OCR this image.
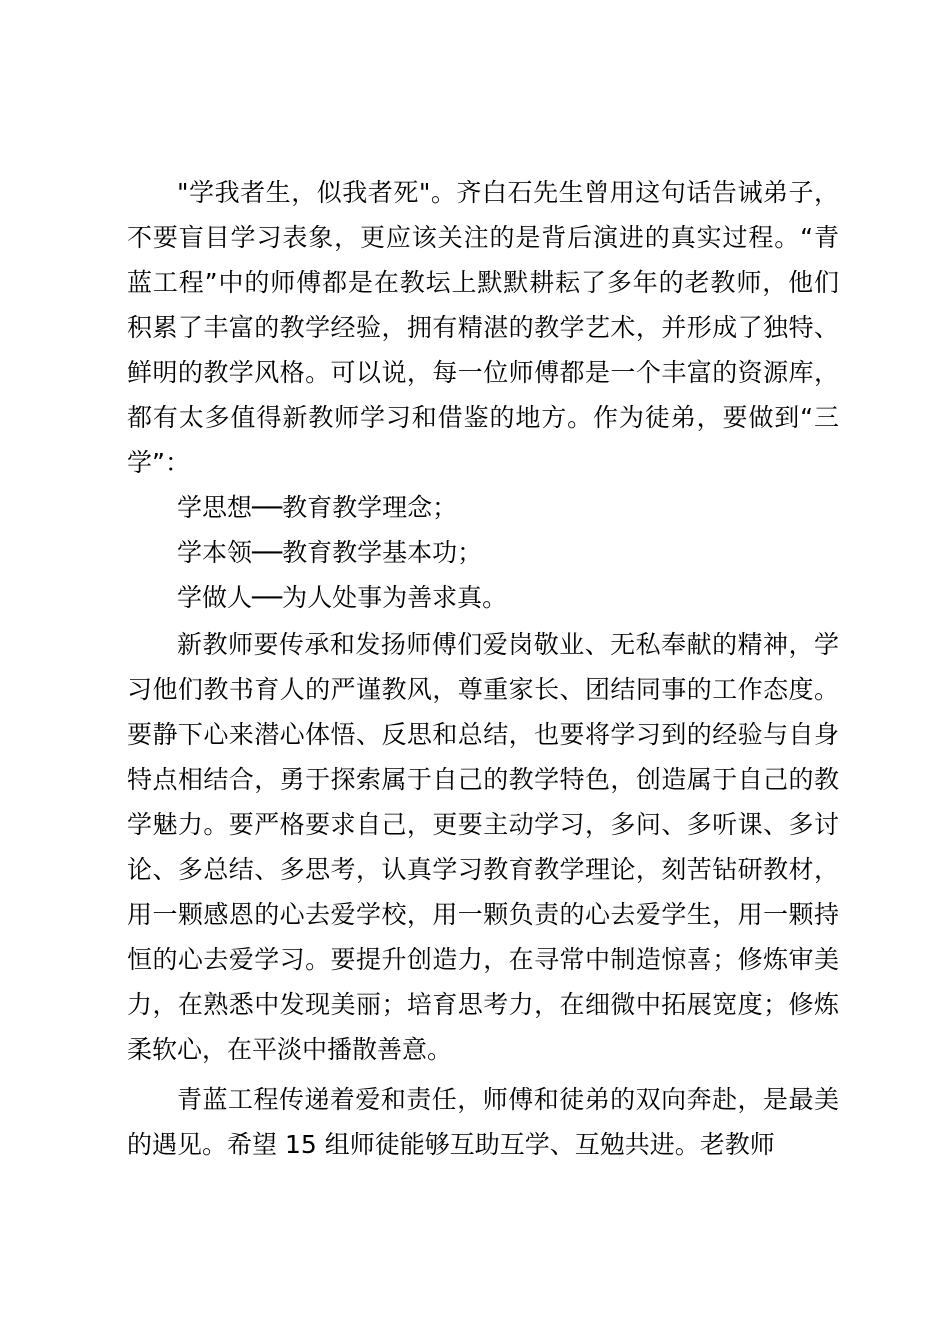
"学我者生，似我者死"。齐白石先生曾用这句话告诫弟子，不要盲目学习表象，更应该关注的是背后演进的真实过程。“青蓝工程”中的师傅都是在教坛上默默耕耘了多年的老教师，他们积累了丰富的教学经验，拥有精湛的教学艺术，并形成了独特、鲜明的教学风格。可以说，每一位师傅都是一个丰富的资源库，都有太多值得新教师学习和借鉴的地方。作为徒弟，要做到“三学”：

学思想──教育教学理念；

学本领──教育教学基本功；

学做人──为人处事为善求真。

新教师要传承和发扬师傅们爱岗敬业、无私奉献的精神，学习他们教书育人的严谨教风，尊重家长、团结同事的工作态度。要静下心来潜心体悟、反思和总结，也要将学习到的经验与自身特点相结合，勇于探索属于自己的教学特色，创造属于自己的教学魅力。要严格要求自己，更要主动学习，多问、多听课、多讨论、多总结、多思考，认真学习教育教学理论，刻苦钻研教材，用一颗感恩的心去爱学校，用一颗负责的心去爱学生，用一颗持恒的心去爱学习。要提升创造力，在寻常中制造惊喜；修炼审美力，在熟悉中发现美丽；培育思考力，在细微中拓展宽度；修炼柔软心，在平淡中播散善意。

青蓝工程传递着爱和责任，师傅和徒弟的双向奔赴，是最美的遇见。希望 15 组师徒能够互助互学、互勉共进。老教师
